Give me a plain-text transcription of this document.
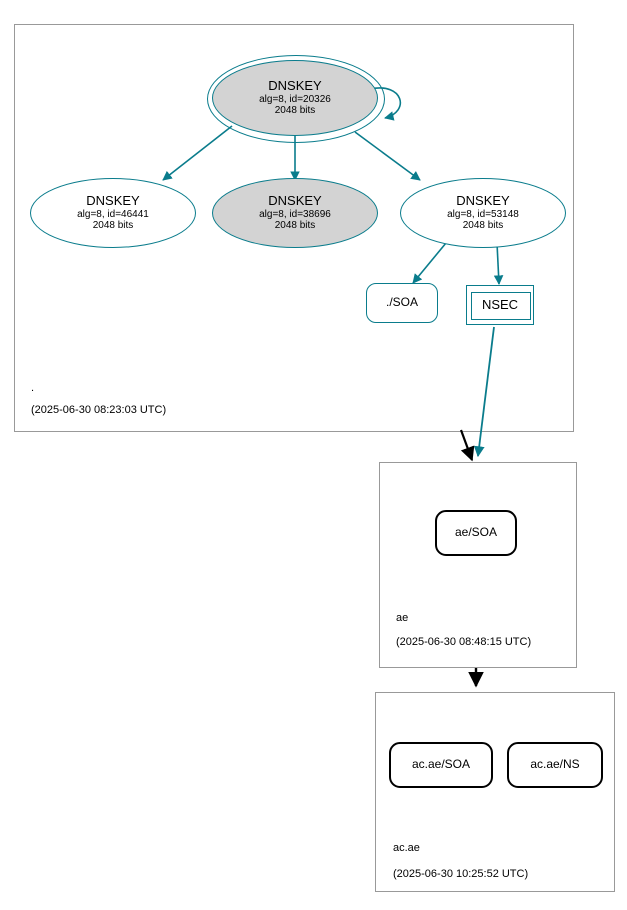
.
(2025-06-30 08:23:03 UTC)
ae
(2025-06-30 08:48:15 UTC)
ac.ae
(2025-06-30 10:25:52 UTC)
DNSKEY
alg=8, id=20326
2048 bits
DNSKEY
alg=8, id=46441
2048 bits
DNSKEY
alg=8, id=38696
2048 bits
DNSKEY
alg=8, id=53148
2048 bits
./SOA	NSEC
ae/SOA
ac.ae/SOA	ac.ae/NS
